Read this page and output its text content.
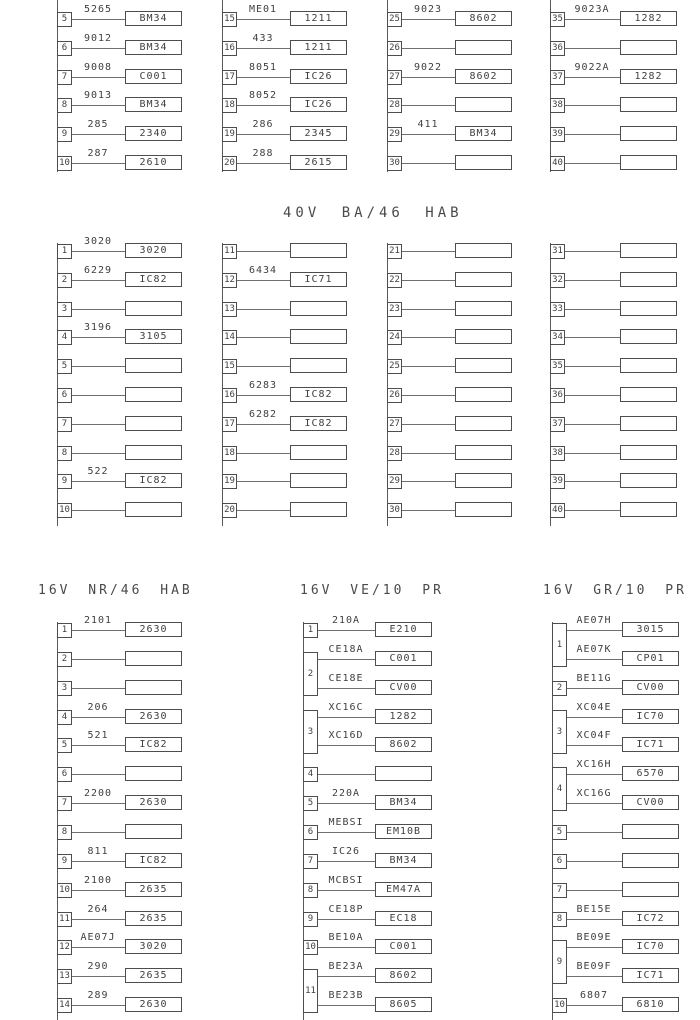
40V BA/46 HAB
16V NR/46 HAB	16V VE/10 PR	16V GR/10 PR
5
5265
BM34
6
9012
BM34
7
9008
C001
8
9013
BM34
9
285
2340
10
287
2610
15
ME01
1211
16
433
1211
17
8051
IC26
18
8052
IC26
19
286
2345
20
288
2615
25
9023
8602
26
27
9022
8602
28
29
411
BM34
30
35
9023A
1282
36
37
9022A
1282
38
39
40
1
3020
3020
2
6229
IC82
3
4
3196
3105
5
6
7
8
9
522
IC82
10
11
12
6434
IC71
13
14
15
16
6283
IC82
17
6282
IC82
18
19
20
21
22
23
24
25
26
27
28
29
30
31
32
33
34
35
36
37
38
39
40
1
2101
2630
2
3
4
206
2630
5
521
IC82
6
7
2200
2630
8
9
811
IC82
10
2100
2635
11
264
2635
12
AE07J
3020
13
290
2635
14
289
2630
1
210A
E210
2
CE18A
C001
CE18E
CV00
3
XC16C
1282
XC16D
8602
4
5
220A
BM34
6
MEBSI
EM10B
7
IC26
BM34
8
MCBSI
EM47A
9
CE18P
EC18
10
BE10A
C001
11
BE23A
8602
BE23B
8605
1
AE07H
3015
AE07K
CP01
2
BE11G
CV00
3
XC04E
IC70
XC04F
IC71
4
XC16H
6570
XC16G
CV00
5
6
7
8
BE15E
IC72
9
BE09E
IC70
BE09F
IC71
10
6807
6810
